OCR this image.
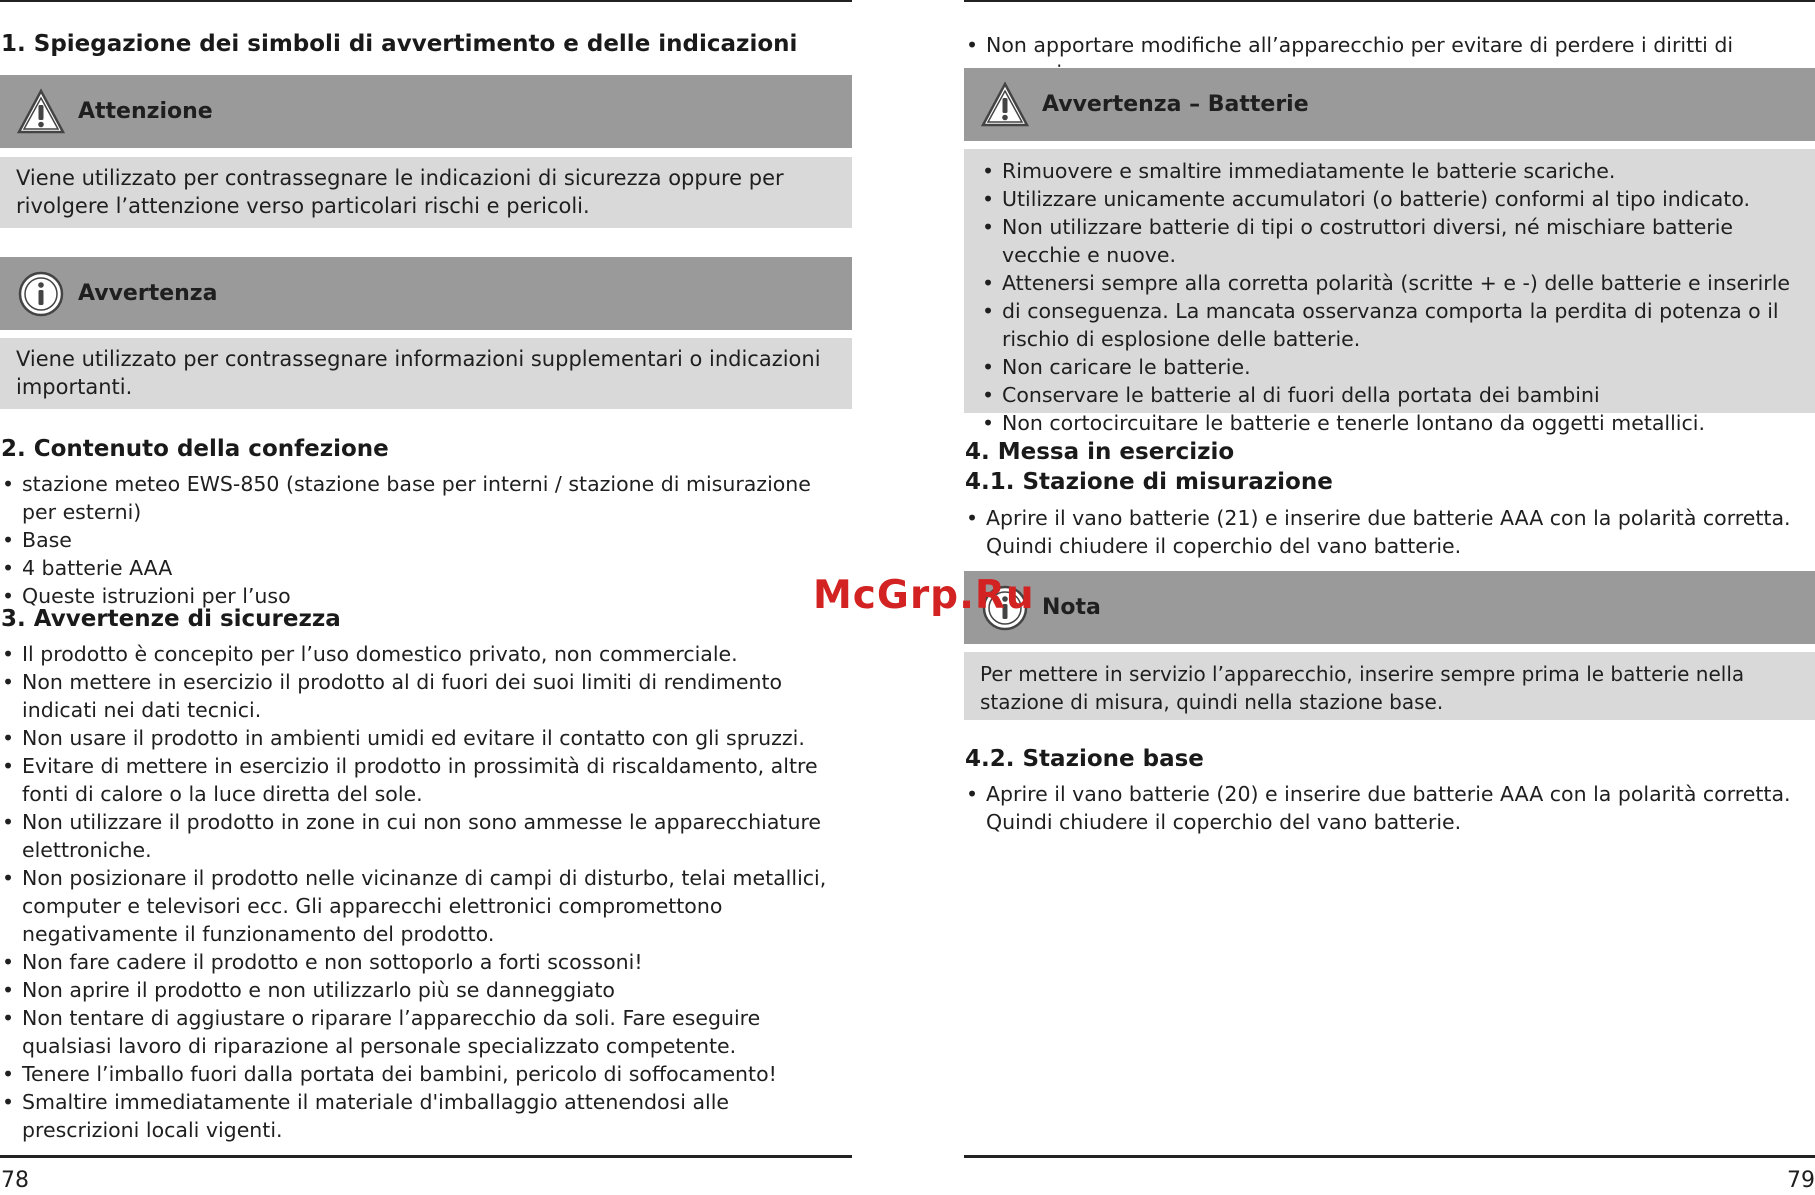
1. Spiegazione dei simboli di avvertimento e delle indicazioni
Attenzione

Viene utilizzato per contrassegnare le indicazioni di sicurezza oppure per rivolgere l’attenzione verso particolari rischi e pericoli.

Avvertenza

Viene utilizzato per contrassegnare informazioni supplementari o indicazioni importanti.

2. Contenuto della confezione
• stazione meteo EWS-850 (stazione base per interni / stazione di misurazione per esterni)
• Base
• 4 batterie AAA
• Queste istruzioni per l’uso
3. Avvertenze di sicurezza
• Il prodotto è concepito per l’uso domestico privato, non commerciale.
• Non mettere in esercizio il prodotto al di fuori dei suoi limiti di rendimento indicati nei dati tecnici.
• Non usare il prodotto in ambienti umidi ed evitare il contatto con gli spruzzi.
• Evitare di mettere in esercizio il prodotto in prossimità di riscaldamento, altre fonti di calore o la luce diretta del sole.
• Non utilizzare il prodotto in zone in cui non sono ammesse le apparecchiature elettroniche.
• Non posizionare il prodotto nelle vicinanze di campi di disturbo, telai metallici, computer e televisori ecc. Gli apparecchi elettronici compromettono negativamente il funzionamento del prodotto.
• Non fare cadere il prodotto e non sottoporlo a forti scossoni!
• Non aprire il prodotto e non utilizzarlo più se danneggiato
• Non tentare di aggiustare o riparare l’apparecchio da soli. Fare eseguire qualsiasi lavoro di riparazione al personale specializzato competente.
• Tenere l’imballo fuori dalla portata dei bambini, pericolo di soffocamento!
• Smaltire immediatamente il materiale d'imballaggio attenendosi alle prescrizioni locali vigenti.
78
• Non apportare modifiche all’apparecchio per evitare di perdere i diritti di
Avvertenza – Batterie
• Rimuovere e smaltire immediatamente le batterie scariche.
• Utilizzare unicamente accumulatori (o batterie) conformi al tipo indicato.
• Non utilizzare batterie di tipi o costruttori diversi, né mischiare batterie vecchie e nuove.
• Attenersi sempre alla corretta polarità (scritte + e -) delle batterie e inserirle
• di conseguenza. La mancata osservanza comporta la perdita di potenza o il rischio di esplosione delle batterie.
• Non caricare le batterie.
• Conservare le batterie al di fuori della portata dei bambini
• Non cortocircuitare le batterie e tenerle lontano da oggetti metallici.
4. Messa in esercizio
4.1. Stazione di misurazione
• Aprire il vano batterie (21) e inserire due batterie AAA con la polarità corretta. Quindi chiudere il coperchio del vano batterie.
Nota

Per mettere in servizio l’apparecchio, inserire sempre prima le batterie nella stazione di misura, quindi nella stazione base.

4.2. Stazione base
• Aprire il vano batterie (20) e inserire due batterie AAA con la polarità corretta. Quindi chiudere il coperchio del vano batterie.
79
McGrp.Ru
